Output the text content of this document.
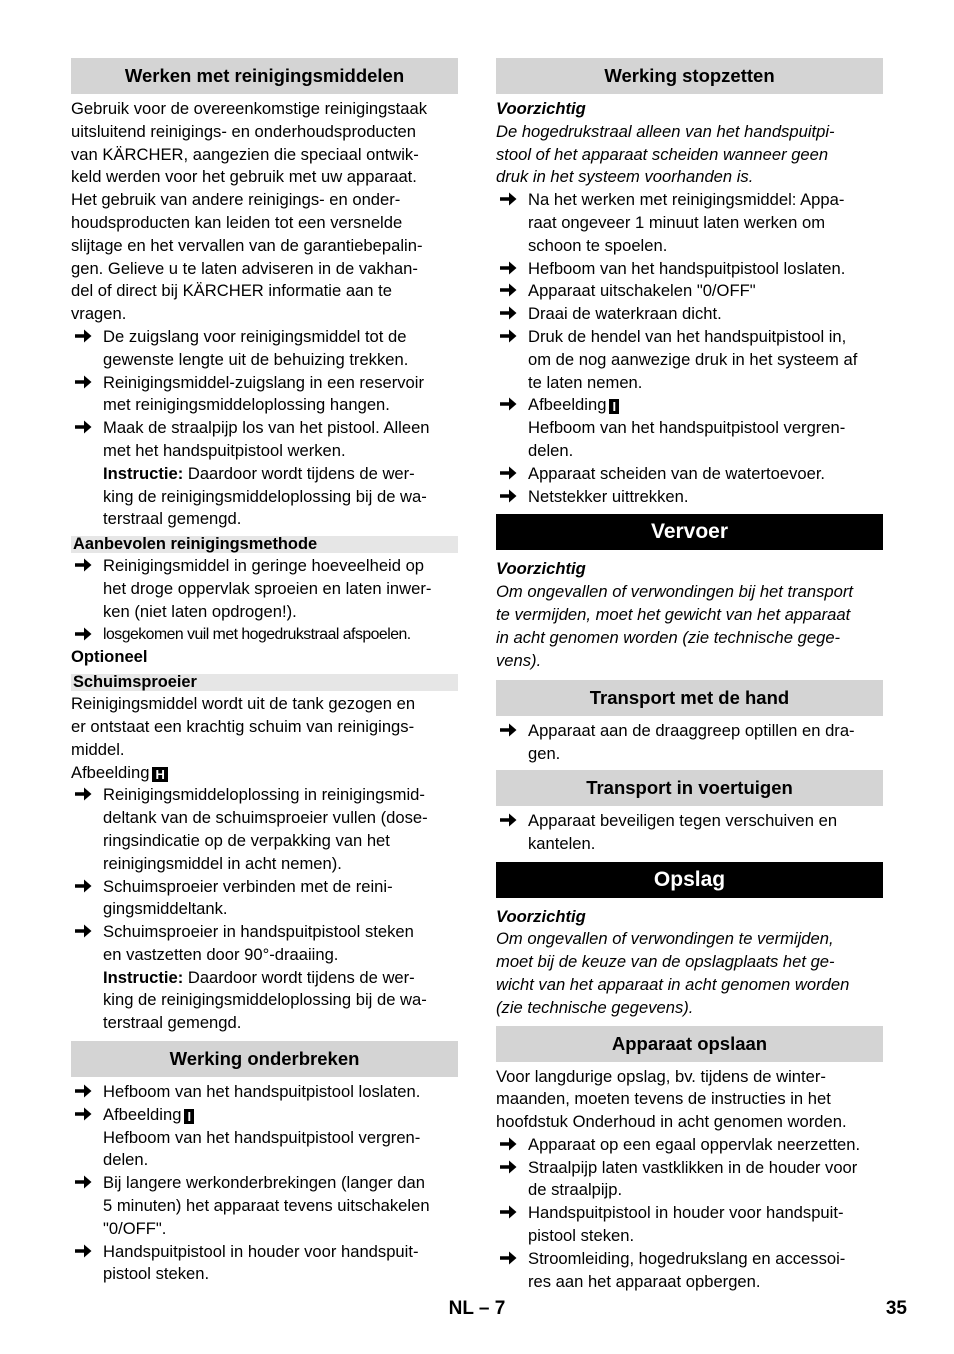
Werken met reinigingsmiddelen
Gebruik voor de overeenkomstige reinigingstaak
uitsluitend reinigings- en onderhoudsproducten
van KÄRCHER, aangezien die speciaal ontwik-
keld werden voor het gebruik met uw apparaat.
Het gebruik van andere reinigings- en onder-
houdsproducten kan leiden tot een versnelde
slijtage en het vervallen van de garantiebepalin-
gen. Gelieve u te laten adviseren in de vakhan-
del of direct bij KÄRCHER informatie aan te
vragen.
De zuigslang voor reinigingsmiddel tot de
gewenste lengte uit de behuizing trekken.
Reinigingsmiddel-zuigslang in een reservoir
met reinigingsmiddeloplossing hangen.
Maak de straalpijp los van het pistool. Alleen
met het handspuitpistool werken.
Instructie: Daardoor wordt tijdens de wer-
king de reinigingsmiddeloplossing bij de wa-
terstraal gemengd.
Aanbevolen reinigingsmethode
Reinigingsmiddel in geringe hoeveelheid op
het droge oppervlak sproeien en laten inwer-
ken (niet laten opdrogen!).
losgekomen vuil met hogedrukstraal afspoelen.
Optioneel
Schuimsproeier
Reinigingsmiddel wordt uit de tank gezogen en
er ontstaat een krachtig schuim van reinigings-
middel.
Afbeelding H
Reinigingsmiddeloplossing in reinigingsmid-
deltank van de schuimsproeier vullen (dose-
ringsindicatie op de verpakking van het
reinigingsmiddel in acht nemen).
Schuimsproeier verbinden met de reini-
gingsmiddeltank.
Schuimsproeier in handspuitpistool steken
en vastzetten door 90°-draaiing.
Instructie: Daardoor wordt tijdens de wer-
king de reinigingsmiddeloplossing bij de wa-
terstraal gemengd.
Werking onderbreken
Hefboom van het handspuitpistool loslaten.
Afbeelding I
Hefboom van het handspuitpistool vergren-
delen.
Bij langere werkonderbrekingen (langer dan
5 minuten) het apparaat tevens uitschakelen
"0/OFF".
Handspuitpistool in houder voor handspuit-
pistool steken.
Werking stopzetten
Voorzichtig
De hogedrukstraal alleen van het handspuitpi-
stool of het apparaat scheiden wanneer geen
druk in het systeem voorhanden is.
Na het werken met reinigingsmiddel: Appa-
raat ongeveer 1 minuut laten werken om
schoon te spoelen.
Hefboom van het handspuitpistool loslaten.
Apparaat uitschakelen "0/OFF"
Draai de waterkraan dicht.
Druk de hendel van het handspuitpistool in,
om de nog aanwezige druk in het systeem af
te laten nemen.
Afbeelding I
Hefboom van het handspuitpistool vergren-
delen.
Apparaat scheiden van de watertoevoer.
Netstekker uittrekken.
Vervoer
Voorzichtig
Om ongevallen of verwondingen bij het transport
te vermijden, moet het gewicht van het apparaat
in acht genomen worden (zie technische gege-
vens).
Transport met de hand
Apparaat aan de draaggreep optillen en dra-
gen.
Transport in voertuigen
Apparaat beveiligen tegen verschuiven en
kantelen.
Opslag
Voorzichtig
Om ongevallen of verwondingen te vermijden,
moet bij de keuze van de opslagplaats het ge-
wicht van het apparaat in acht genomen worden
(zie technische gegevens).
Apparaat opslaan
Voor langdurige opslag, bv. tijdens de winter-
maanden, moeten tevens de instructies in het
hoofdstuk Onderhoud in acht genomen worden.
Apparaat op een egaal oppervlak neerzetten.
Straalpijp laten vastklikken in de houder voor
de straalpijp.
Handspuitpistool in houder voor handspuit-
pistool steken.
Stroomleiding, hogedrukslang en accessoi-
res aan het apparaat opbergen.
NL – 7	35
